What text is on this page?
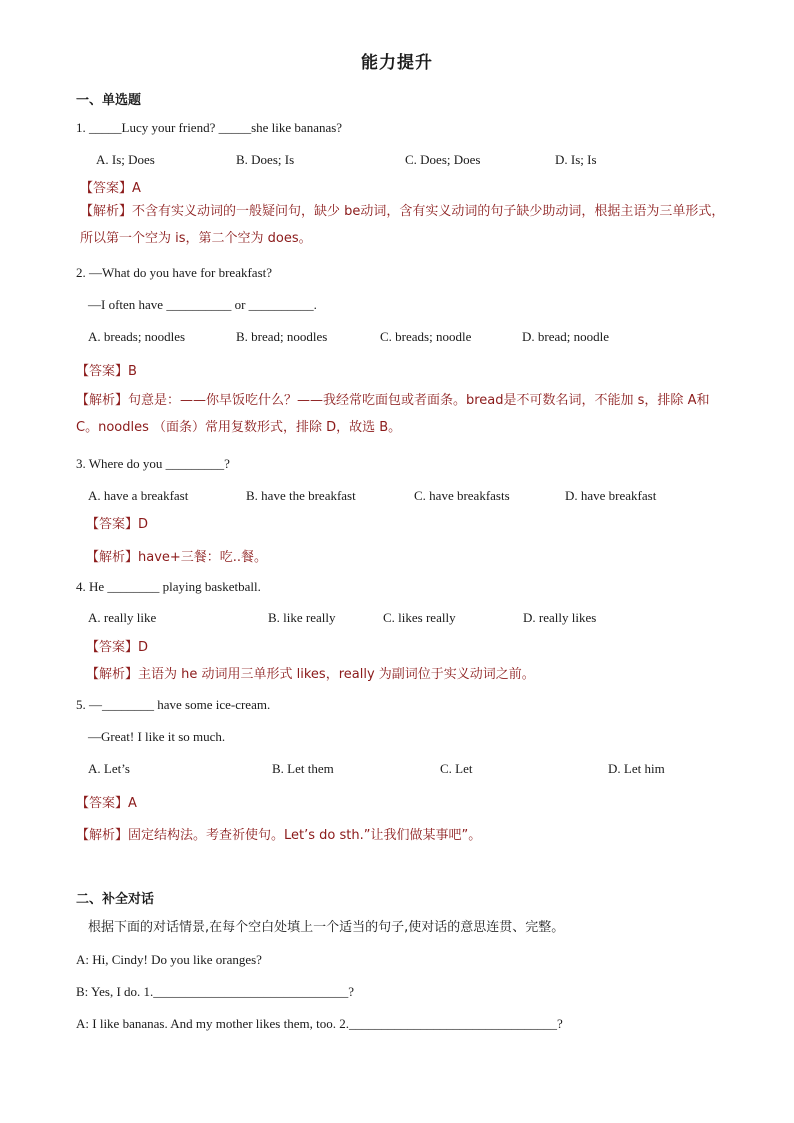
能力提升
一、单选题
1. _____Lucy your friend? _____she like bananas?
A. Is; Does	B. Does; Is	C. Does; Does	D. Is; Is
【答案】A
【解析】不含有实义动词的一般疑问句，缺少 be动词，含有实义动词的句子缺少助动词，根据主语为三单形式，所以第一个空为 is，第二个空为 does。
2. —What do you have for breakfast?
—I often have __________ or __________.
A. breads; noodles	B. bread; noodles	C. breads; noodle	D. bread; noodle
【答案】B
【解析】句意是：——你早饭吃什么？——我经常吃面包或者面条。bread是不可数名词，不能加 s，排除 A和 C。noodles （面条）常用复数形式，排除 D，故选 B。
3. Where do you _________?
A. have a breakfast	B. have the breakfast	C. have breakfasts	D. have breakfast
【答案】D
【解析】have+三餐：吃..餐。
4. He ________ playing basketball.
A. really like	B. like really	C. likes really	D. really likes
【答案】D
【解析】主语为 he 动词用三单形式 likes，really 为副词位于实义动词之前。
5. —________ have some ice-cream.
—Great! I like it so much.
A. Let’s	B. Let them	C. Let	D. Let him
【答案】A
【解析】固定结构法。考查祈使句。Let’s do sth.”让我们做某事吧”。
二、补全对话
根据下面的对话情景,在每个空白处填上一个适当的句子,使对话的意思连贯、完整。
A: Hi, Cindy! Do you like oranges?
B: Yes, I do. 1.______________________________?
A: I like bananas. And my mother likes them, too. 2.________________________________?
